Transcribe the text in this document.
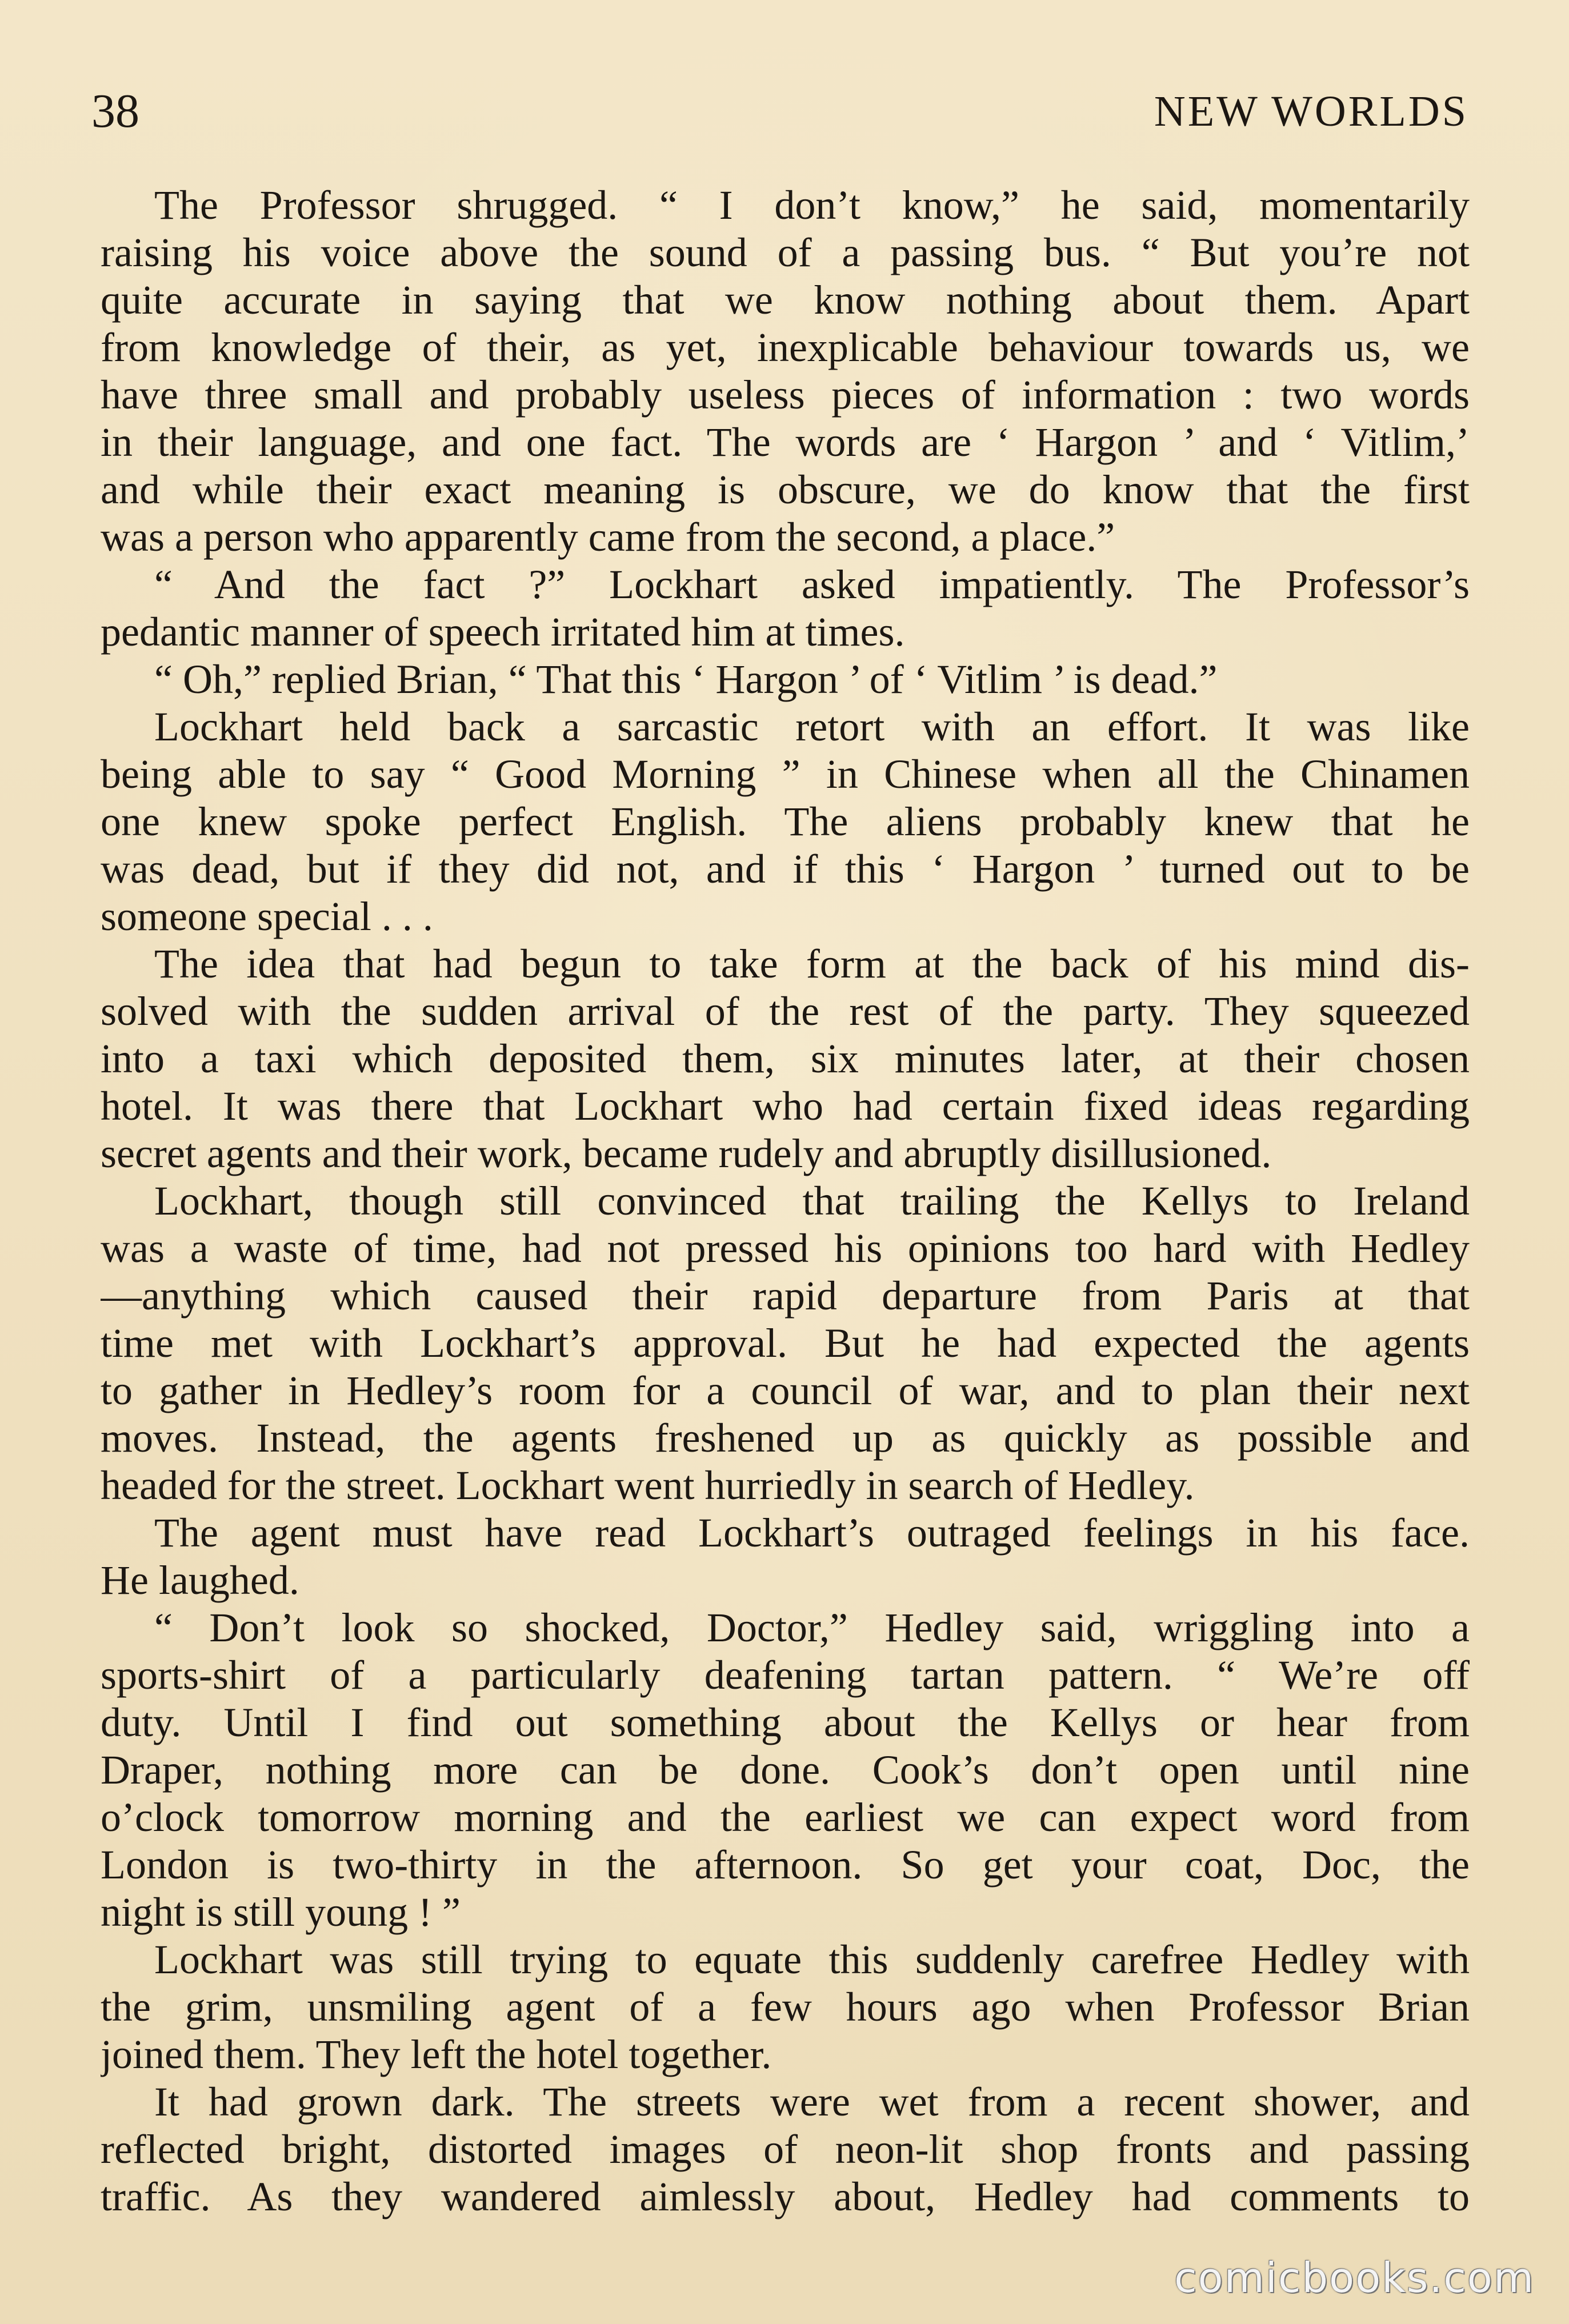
38	NEW WORLDS
The Professor shrugged. “ I don’t know,” he said, momentarily
raising his voice above the sound of a passing bus. “ But you’re not
quite accurate in saying that we know nothing about them. Apart
from knowledge of their, as yet, inexplicable behaviour towards us, we
have three small and probably useless pieces of information : two words
in their language, and one fact. The words are ‘ Hargon ’ and ‘ Vitlim,’
and while their exact meaning is obscure, we do know that the first
was a person who apparently came from the second, a place.”
“ And the fact ?” Lockhart asked impatiently. The Professor’s
pedantic manner of speech irritated him at times.
“ Oh,” replied Brian, “ That this ‘ Hargon ’ of ‘ Vitlim ’ is dead.”
Lockhart held back a sarcastic retort with an effort. It was like
being able to say “ Good Morning ” in Chinese when all the Chinamen
one knew spoke perfect English. The aliens probably knew that he
was dead, but if they did not, and if this ‘ Hargon ’ turned out to be
someone special . . .
The idea that had begun to take form at the back of his mind dis-
solved with the sudden arrival of the rest of the party. They squeezed
into a taxi which deposited them, six minutes later, at their chosen
hotel. It was there that Lockhart who had certain fixed ideas regarding
secret agents and their work, became rudely and abruptly disillusioned.
Lockhart, though still convinced that trailing the Kellys to Ireland
was a waste of time, had not pressed his opinions too hard with Hedley
—anything which caused their rapid departure from Paris at that
time met with Lockhart’s approval. But he had expected the agents
to gather in Hedley’s room for a council of war, and to plan their next
moves. Instead, the agents freshened up as quickly as possible and
headed for the street. Lockhart went hurriedly in search of Hedley.
The agent must have read Lockhart’s outraged feelings in his face.
He laughed.
“ Don’t look so shocked, Doctor,” Hedley said, wriggling into a
sports-shirt of a particularly deafening tartan pattern. “ We’re off
duty. Until I find out something about the Kellys or hear from
Draper, nothing more can be done. Cook’s don’t open until nine
o’clock tomorrow morning and the earliest we can expect word from
London is two-thirty in the afternoon. So get your coat, Doc, the
night is still young ! ”
Lockhart was still trying to equate this suddenly carefree Hedley with
the grim, unsmiling agent of a few hours ago when Professor Brian
joined them. They left the hotel together.
It had grown dark. The streets were wet from a recent shower, and
reflected bright, distorted images of neon-lit shop fronts and passing
traffic. As they wandered aimlessly about, Hedley had comments to
comicbooks.com
